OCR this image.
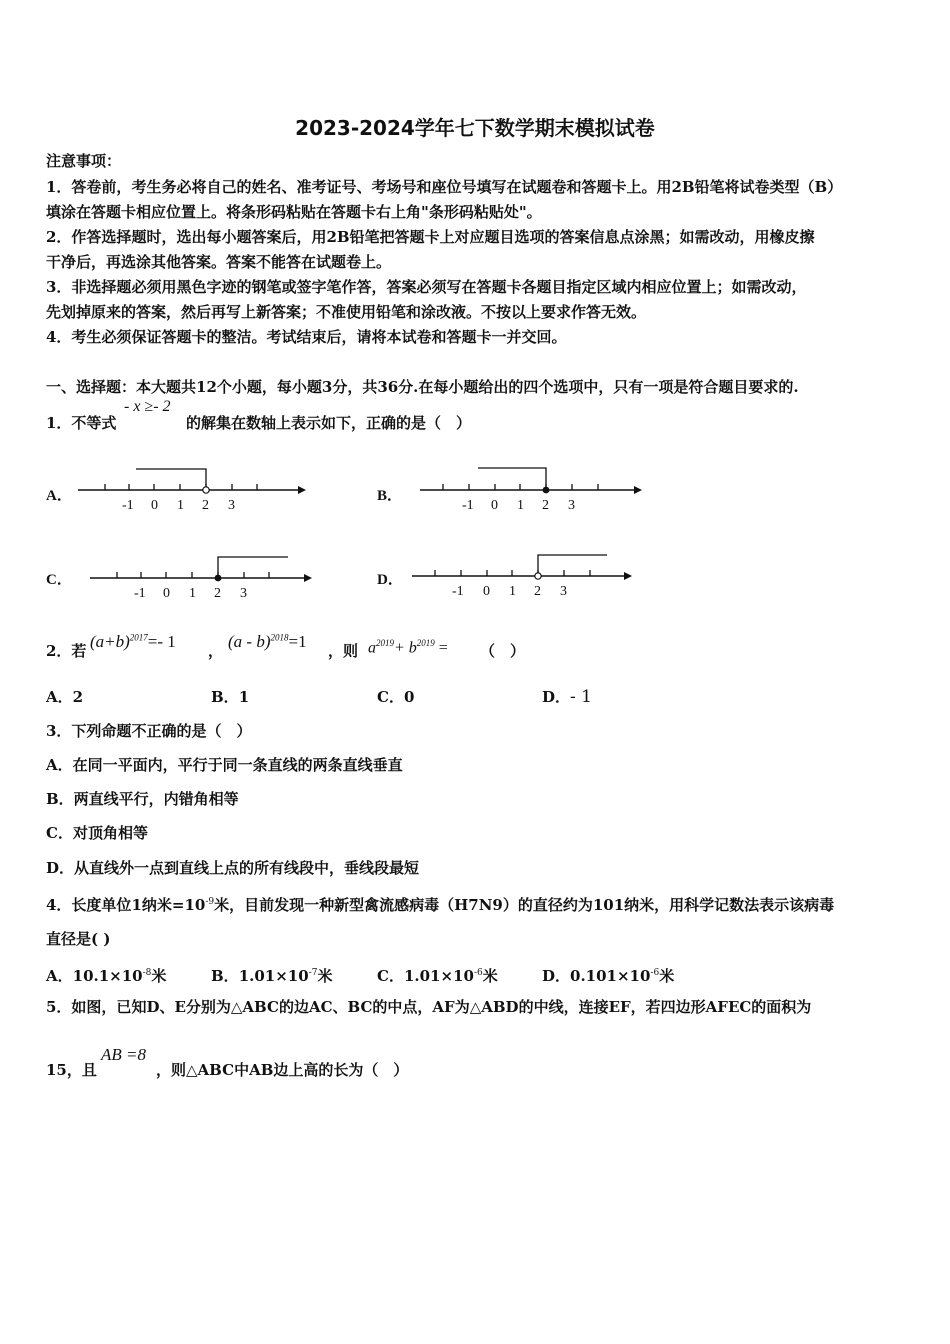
2023-2024学年七下数学期末模拟试卷
注意事项：
1．答卷前，考生务必将自己的姓名、准考证号、考场号和座位号填写在试题卷和答题卡上。用2B铅笔将试卷类型（B）
填涂在答题卡相应位置上。将条形码粘贴在答题卡右上角"条形码粘贴处"。
2．作答选择题时，选出每小题答案后，用2B铅笔把答题卡上对应题目选项的答案信息点涂黑；如需改动，用橡皮擦
干净后，再选涂其他答案。答案不能答在试题卷上。
3．非选择题必须用黑色字迹的钢笔或签字笔作答，答案必须写在答题卡各题目指定区域内相应位置上；如需改动，
先划掉原来的答案，然后再写上新答案；不准使用铅笔和涂改液。不按以上要求作答无效。
4．考生必须保证答题卡的整洁。考试结束后，请将本试卷和答题卡一并交回。
一、选择题：本大题共12个小题，每小题3分，共36分.在每小题给出的四个选项中，只有一项是符合题目要求的.
1．不等式
- x ≥- 2
的解集在数轴上表示如下，正确的是（　）
A．
-1 0 1 2 3
B．
-1 0 1 2 3
C．
-1 0 1 2 3
D．
-1 0 1 2 3
2．若 $(a+b)^{2017}=-$ 1 ， (a - b)$^{2018}$=1 ，则 $a^{2019}+ b^{2019}$ = （　）
A．2	B．1	C．0	D．- 1
3．下列命题不正确的是（　）
A．在同一平面内，平行于同一条直线的两条直线垂直
B．两直线平行，内错角相等
C．对顶角相等
D．从直线外一点到直线上点的所有线段中，垂线段最短
4．长度单位1纳米$=10^{-9}$米，目前发现一种新型禽流感病毒（H7N9）的直径约为101纳米，用科学记数法表示该病毒
直径是( )
A．$10.1\times 10^{-8}$米	B．$1.01\times 10^{-7}$米	C．$1.01\times 10^{-6}$米	D．$0.101\times 10^{-6}$米
5．如图，已知D、E分别为△ABC的边AC、BC的中点，AF为△ABD的中线，连接EF，若四边形AFEC的面积为
15，且
AB =8
，则△ABC中AB边上高的长为（　）
